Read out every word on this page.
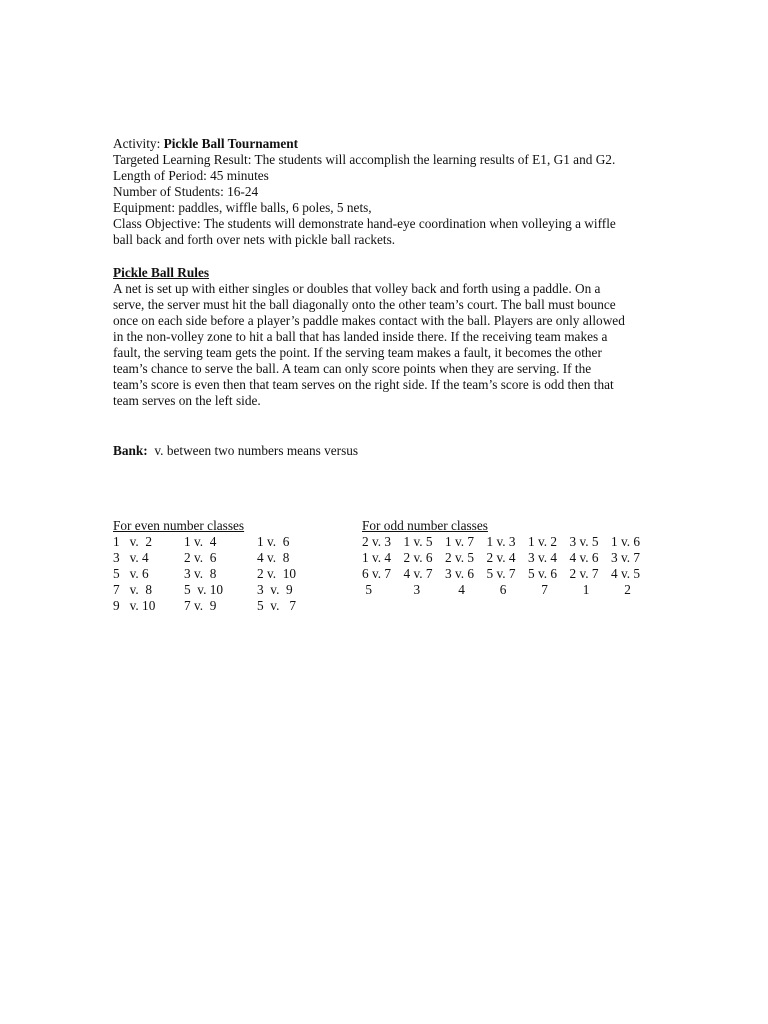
Activity: Pickle Ball Tournament
Targeted Learning Result: The students will accomplish the learning results of E1, G1 and G2.
Length of Period: 45 minutes
Number of Students: 16-24
Equipment: paddles, wiffle balls, 6 poles, 5 nets,
Class Objective: The students will demonstrate hand-eye coordination when volleying a wiffle
ball back and forth over nets with pickle ball rackets.
Pickle Ball Rules
A net is set up with either singles or doubles that volley back and forth using a paddle. On a
serve, the server must hit the ball diagonally onto the other team’s court. The ball must bounce
once on each side before a player’s paddle makes contact with the ball. Players are only allowed
in the non-volley zone to hit a ball that has landed inside there. If the receiving team makes a
fault, the serving team gets the point. If the serving team makes a fault, it becomes the other
team’s chance to serve the ball. A team can only score points when they are serving. If the
team’s score is even then that team serves on the right side. If the team’s score is odd then that
team serves on the left side.
Bank:  v. between two numbers means versus
For even number classes
1   v.  2	1 v.  4	1 v.  6
3   v. 4	2 v.  6	4 v.  8
5   v. 6	3 v.  8	2 v.  10
7   v.  8	5  v. 10	3  v.  9
9   v. 10	7 v.  9	5  v.   7
For odd number classes
2 v. 3	1 v. 5	1 v. 7	1 v. 3	1 v. 2	3 v. 5	1 v. 6
1 v. 4	2 v. 6	2 v. 5	2 v. 4	3 v. 4	4 v. 6	3 v. 7
6 v. 7	4 v. 7	3 v. 6	5 v. 7	5 v. 6	2 v. 7	4 v. 5
5	3	4	6	7	1	2
